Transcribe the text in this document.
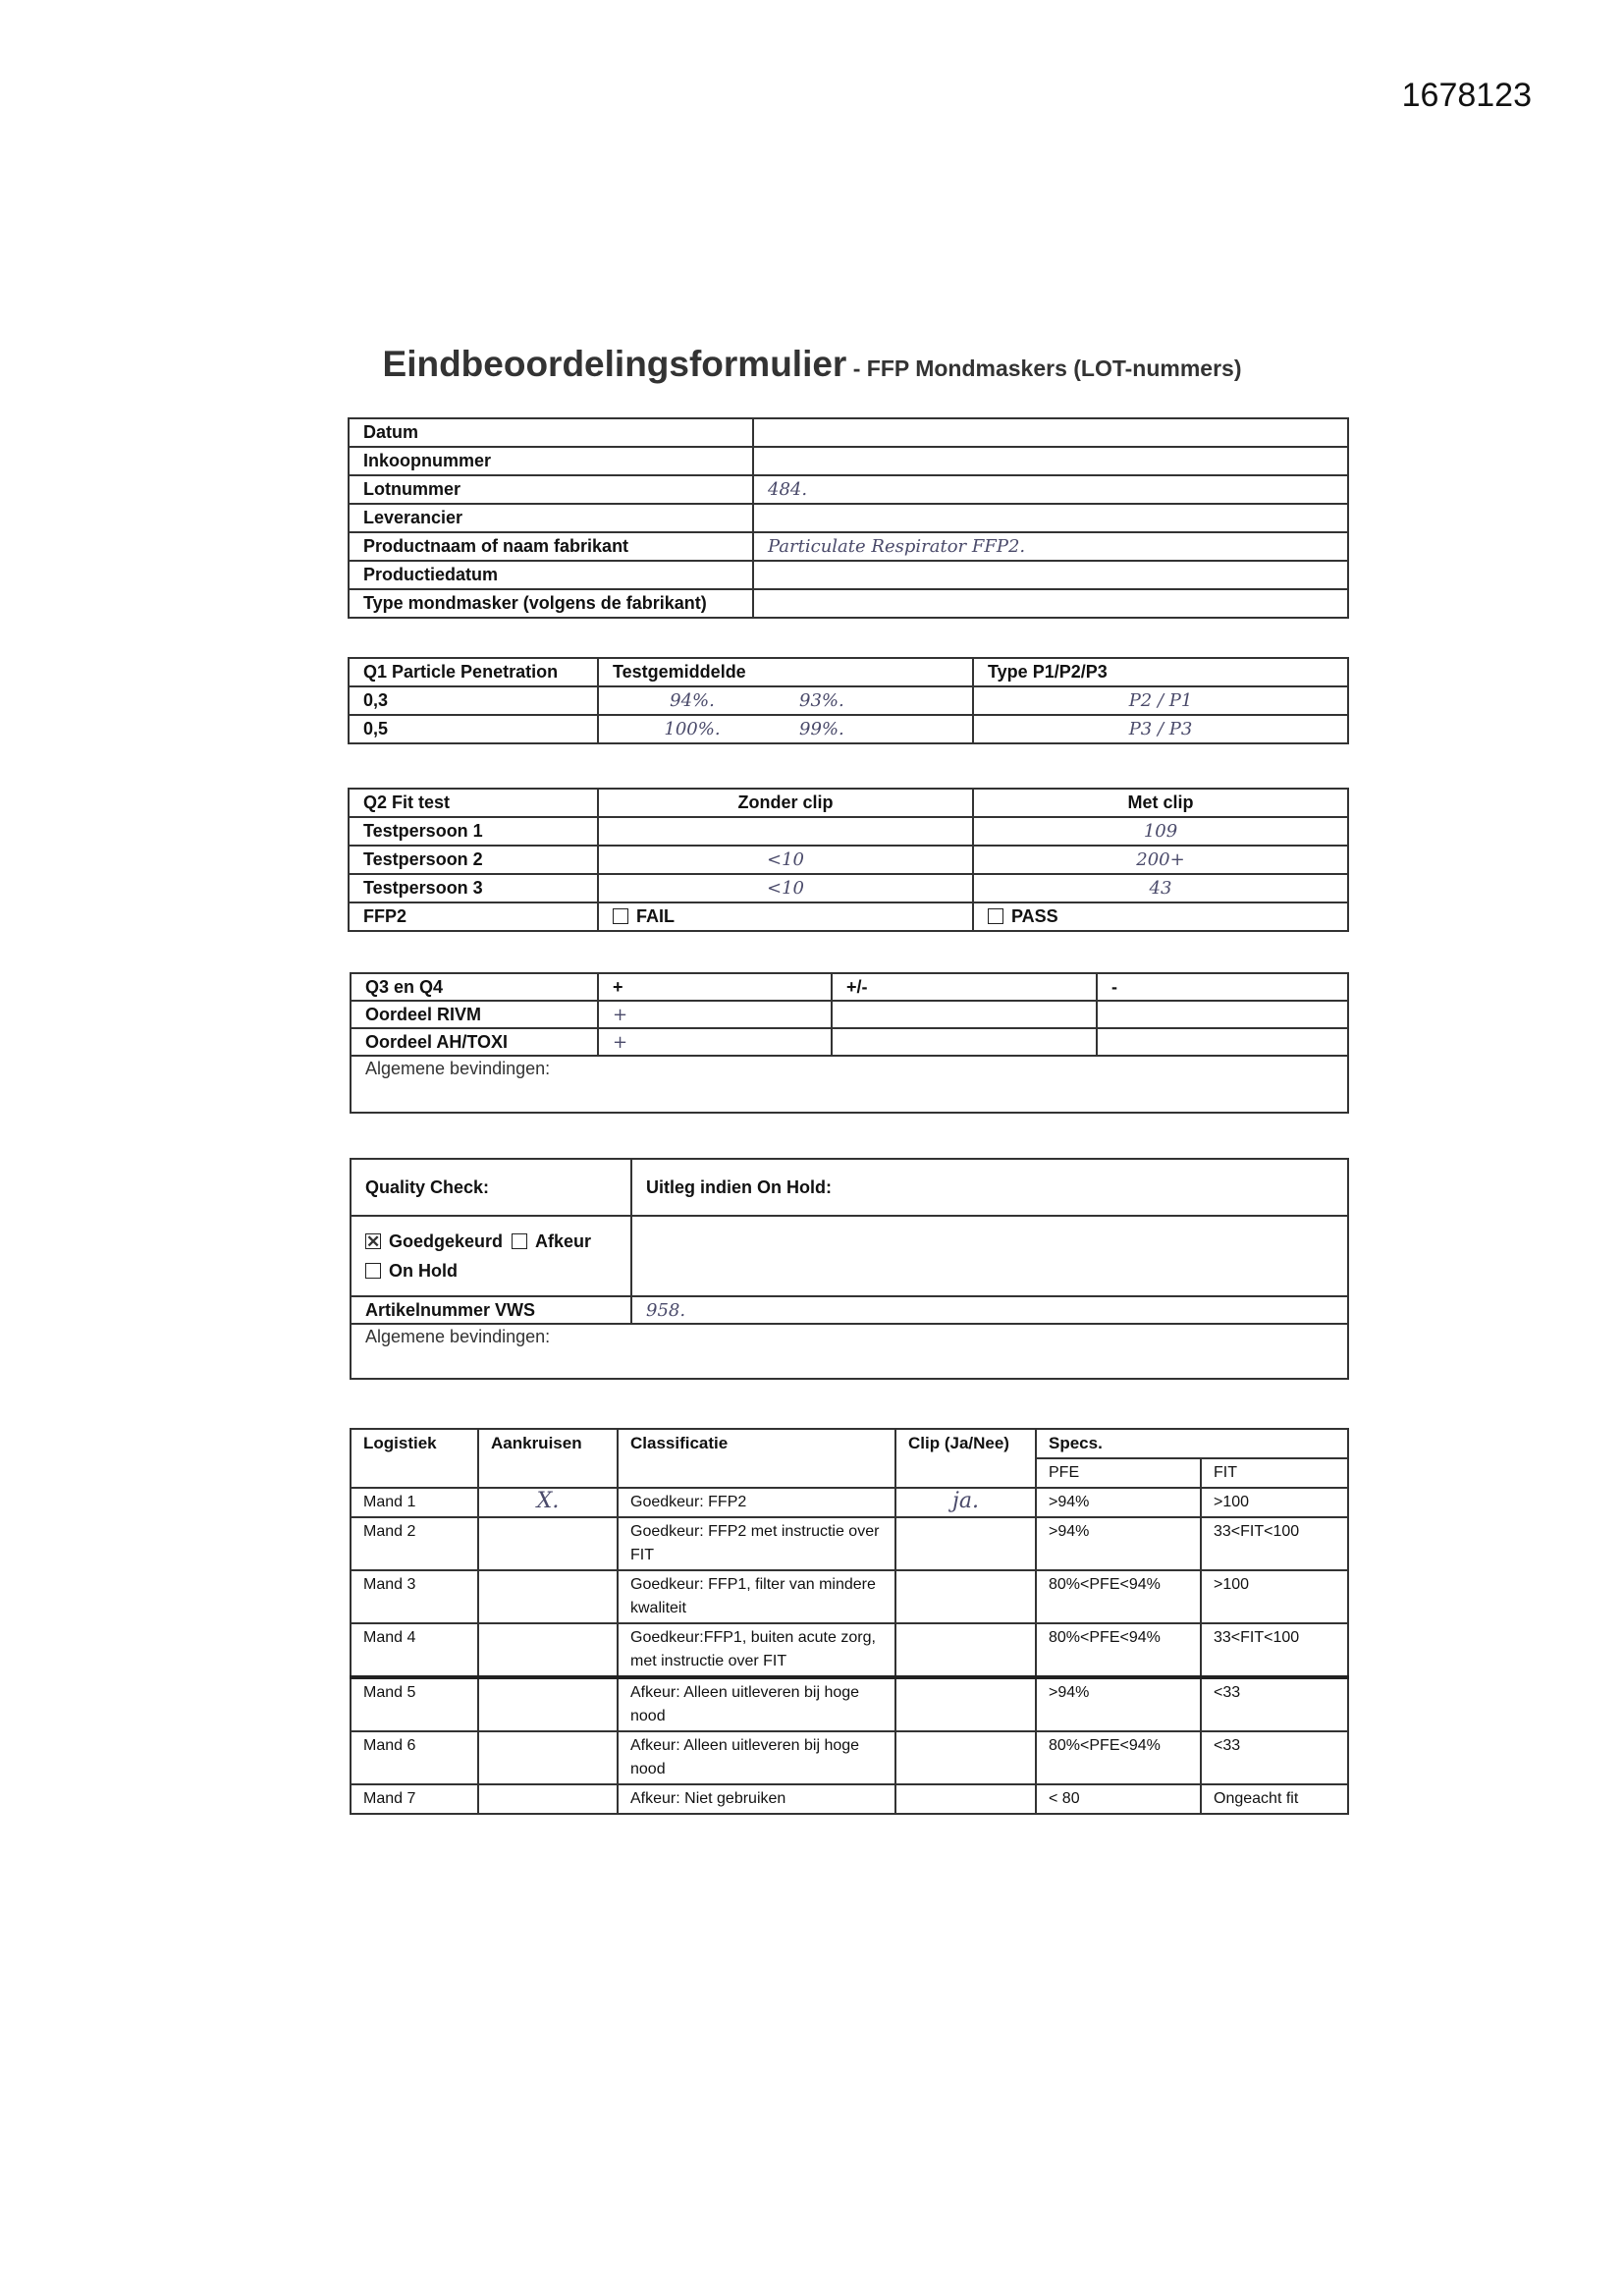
1678123
Eindbeoordelingsformulier - FFP Mondmaskers (LOT-nummers)
Datum	
Inkoopnummer	
Lotnummer	484.
Leverancier	
Productnaam of naam fabrikant	Particulate Respirator FFP2.
Productiedatum	
Type mondmasker (volgens de fabrikant)	
Q1 Particle Penetration	Testgemiddelde		Type P1/P2/P3
0,3	94%.	93%.	P2 / P1
0,5	100%.	99%.	P3 / P3
Q2 Fit test	Zonder clip	Met clip
Testpersoon 1		109
Testpersoon 2	<10	200+
Testpersoon 3	<10	43
FFP2	FAIL	PASS
Q3 en Q4	+	+/-	-
Oordeel RIVM	+		
Oordeel AH/TOXI	+		
Algemene bevindingen:			
Quality Check:	Uitleg indien On Hold:
✕Goedgekeurd Afkeur
On Hold	
Artikelnummer VWS	958.
Algemene bevindingen:	
Logistiek	Aankruisen	Classificatie	Clip (Ja/Nee)	Specs.	
				PFE	FIT
Mand 1	X.	Goedkeur: FFP2	ja.	>94%	>100
Mand 2		Goedkeur: FFP2 met instructie over FIT		>94%	33<FIT<100
Mand 3		Goedkeur: FFP1, filter van mindere kwaliteit		80%<PFE<94%	>100
Mand 4		Goedkeur:FFP1, buiten acute zorg, met instructie over FIT		80%<PFE<94%	33<FIT<100
Mand 5		Afkeur: Alleen uitleveren bij hoge nood		>94%	<33
Mand 6		Afkeur: Alleen uitleveren bij hoge nood		80%<PFE<94%	<33
Mand 7		Afkeur: Niet gebruiken		< 80	Ongeacht fit
